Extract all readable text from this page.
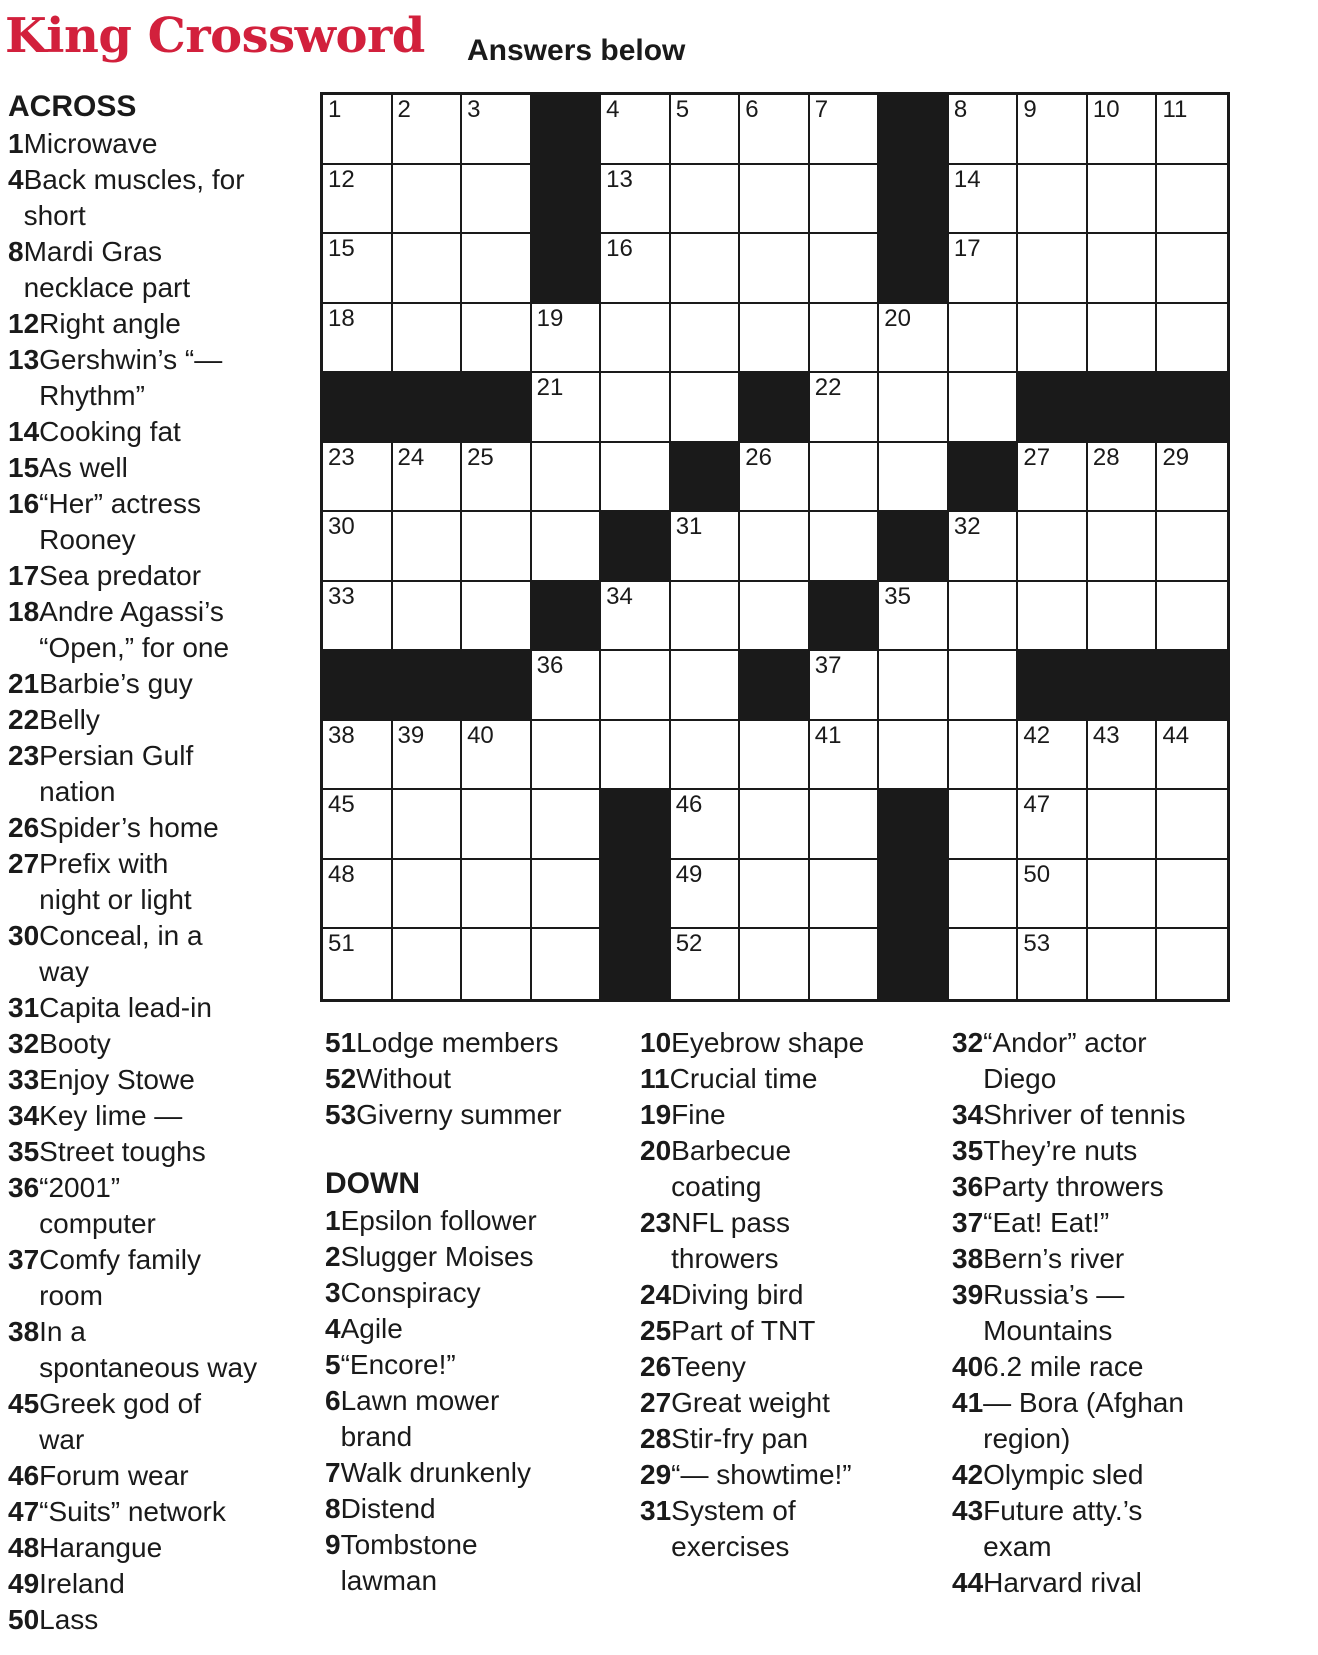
King Crossword Answers below
1 2 3	4 5 6 7	8 9 10 11
12	13	14
15	16	17
18	19	20
21	22
23 24 25	26	27 28 29
30	31	32
33	34	35
36	37
38 39 40	41	42 43 44
45	46	47
48	49	50
51	52	53
ACROSS
1 Microwave
4 Back muscles, for
short
8 Mardi Gras
necklace part
12 Right angle
13 Gershwin’s “—
Rhythm”
14 Cooking fat
15 As well
16 “Her” actress
Rooney
17 Sea predator
18 Andre Agassi’s
“Open,” for one
21 Barbie’s guy
22 Belly
23 Persian Gulf
nation
26 Spider’s home
27 Prefix with
night or light
30 Conceal, in a
way
31 Capita lead-in
32 Booty
33 Enjoy Stowe
34 Key lime —
35 Street toughs
36 “2001”
computer
37 Comfy family
room
38 In a
spontaneous way
45 Greek god of
war
46 Forum wear
47 “Suits” network
48 Harangue
49 Ireland
50 Lass
51 Lodge members
52 Without
53 Giverny summer
DOWN
1 Epsilon follower
2 Slugger Moises
3 Conspiracy
4 Agile
5 “Encore!”
6 Lawn mower
brand
7 Walk drunkenly
8 Distend
9 Tombstone
lawman
10 Eyebrow shape
11 Crucial time
19 Fine
20 Barbecue
coating
23 NFL pass
throwers
24 Diving bird
25 Part of TNT
26 Teeny
27 Great weight
28 Stir-fry pan
29 “— showtime!”
31 System of
exercises
32 “Andor” actor
Diego
34 Shriver of tennis
35 They’re nuts
36 Party throwers
37 “Eat! Eat!”
38 Bern’s river
39 Russia’s —
Mountains
40 6.2 mile race
41 — Bora (Afghan
region)
42 Olympic sled
43 Future atty.’s
exam
44 Harvard rival
